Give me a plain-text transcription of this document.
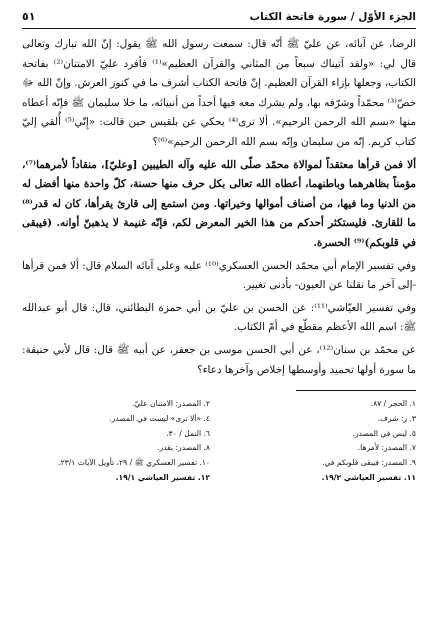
الجزء الأوّل / سورة فاتحة الكتاب
٥١

الرضا، عن آبائه، عن عليّ ﷺ أنّه قال: سمعت رسول الله ﷺ يقول: إنّ الله تبارك وتعالى قال لي: «ولقد آتيناك سبعاً من المثاني والقرآن العظيم»⁽¹⁾ فأفرد عليّ الامتنان⁽²⁾ بفاتحة الكتاب، وجعلها بإزاء القرآن العظيم. إنّ فاتحة الكتاب أشرف ما في كنوز العرش. وإنّ الله ﷻ خصّ⁽³⁾ محمّداً وشرّفه بها، ولم يشرك معه فيها أحداً من أنبيائه، ما خلا سليمان ﷺ فإنّه أعطاه منها «بسم الله الرحمن الرحيم». ألا ترى⁽⁴⁾ يحكي عن بلقيس حين قالت: «إِنّي⁽⁵⁾ أُلقي إليّ كتاب كريم. إنّه من سليمان وإنّه بسم الله الرحمن الرحيم»⁽⁶⁾؟

ألا فمن قرأها معتقداً لموالاة محمّد صلّى الله عليه وآله الطيبين [وعليّ]، منقاداً لأمرهما⁽⁷⁾، مؤمناً بظاهرهما وباطنهما، أعطاه الله تعالى بكل حرف منها حسنة، كلّ واحدة منها أفضل له من الدنيا وما فيها، من أصناف أموالها وخيراتها. ومن استمع إلى قارئ يقرأها، كان له قدر⁽⁸⁾ ما للقارئ. فليستكثر أحدكم من هذا الخير المعرض لكم، فإنّه غنيمة لا يذهبنّ أوانه. (فيبقى في قلوبكم)⁽⁹⁾ الحسرة.

وفي تفسير الإمام أبي محمّد الحسن العسكري⁽¹⁰⁾ عليه وعلى آبائه السلام قال: ألا فمن قرأها -إلى آخر ما نقلنا عن العيون- بأدنى تغيير.

وفي تفسير العيّاشي⁽¹¹⁾: عن الحسن بن عليّ بن أبي حمزة البطائني، قال: قال أبو عبدالله ﷺ: اسم الله الأعظم مقطّع في أمّ الكتاب.

عن محمّد بن سنان⁽¹²⁾، عن أبي الحسن موسى بن جعفر، عن أبيه ﷺ قال: قال لأبي حنيفة: ما سورة أولها تحميد وأوسطها إخلاص وآخرها دعاء؟

١. الحجر / ٨٧.
٢. المصدر: الامتنان عليّ.
٣. ر: شرف.
٤. «ألا ترى» ليست في المصدر.
٥. ليس في المصدر.
٦. النمل / ٣٠.
٧. المصدر: لأمرها.
٨. المصدر: بقدر.
٩. المصدر: فيبقى قلوبكم في.
١٠. تفسير العسكري ﷺ / ٢٩، تأويل الآيات ٢٣/١.
١١. تفسير العياشي ١٩/٢.
١٢. تفسير العياشي ١٩/١.
